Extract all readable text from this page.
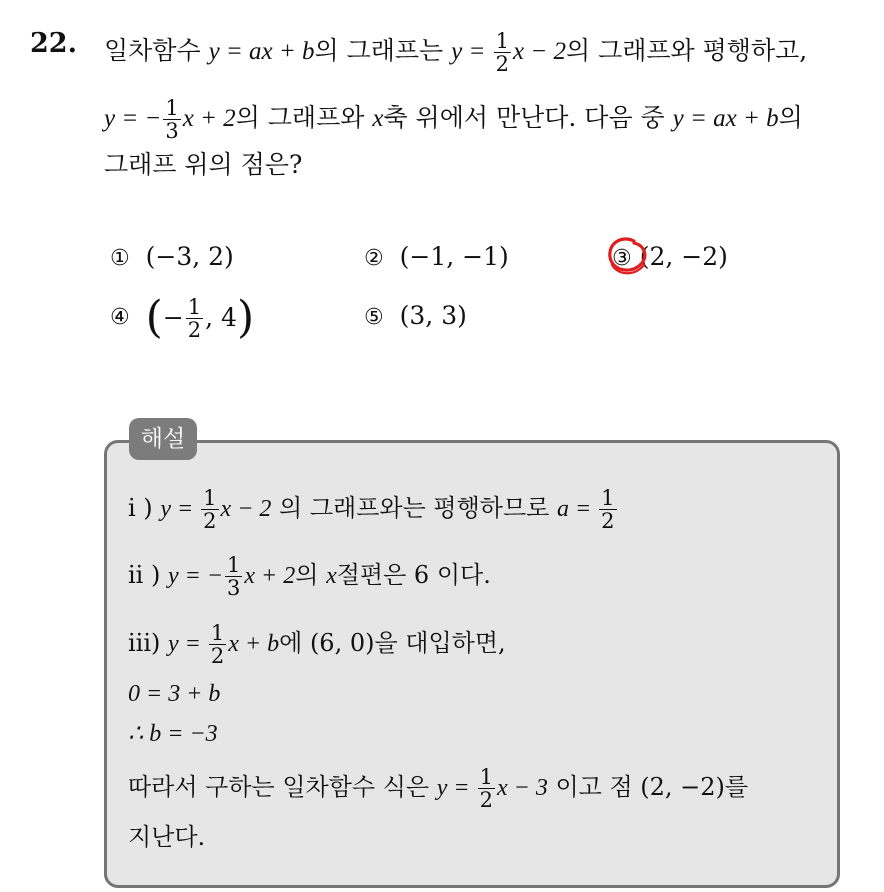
22. 일차함수 y = ax + b의 그래프는 $y = \frac{1}{2}$ x − 2의 그래프와 평행하고,
y = − $\frac{1}{3}$ x + 2의 그래프와 x축 위에서 만난다. 다음 중 y = ax + b의
그래프 위의 점은?
① (−3, 2)	② (−1, −1)	③ (2, −2)
④
( − $\frac{1}{2}$ , 4 )	⑤ (3, 3)
해설
i ) $y = \frac{1}{2}$ x − 2 의 그래프와는 평행하므로 $a = \frac{1}{2}$
ii ) y = − $\frac{1}{3}$ x + 2의 x절편은 6 이다.
iii) $y = \frac{1}{2}$ x + b에 (6, 0)을 대입하면,
0 = 3 + b
∴ b = −3
따라서 구하는 일차함수 식은 $y = \frac{1}{2}$ x − 3 이고 점 (2, −2)를
지난다.
